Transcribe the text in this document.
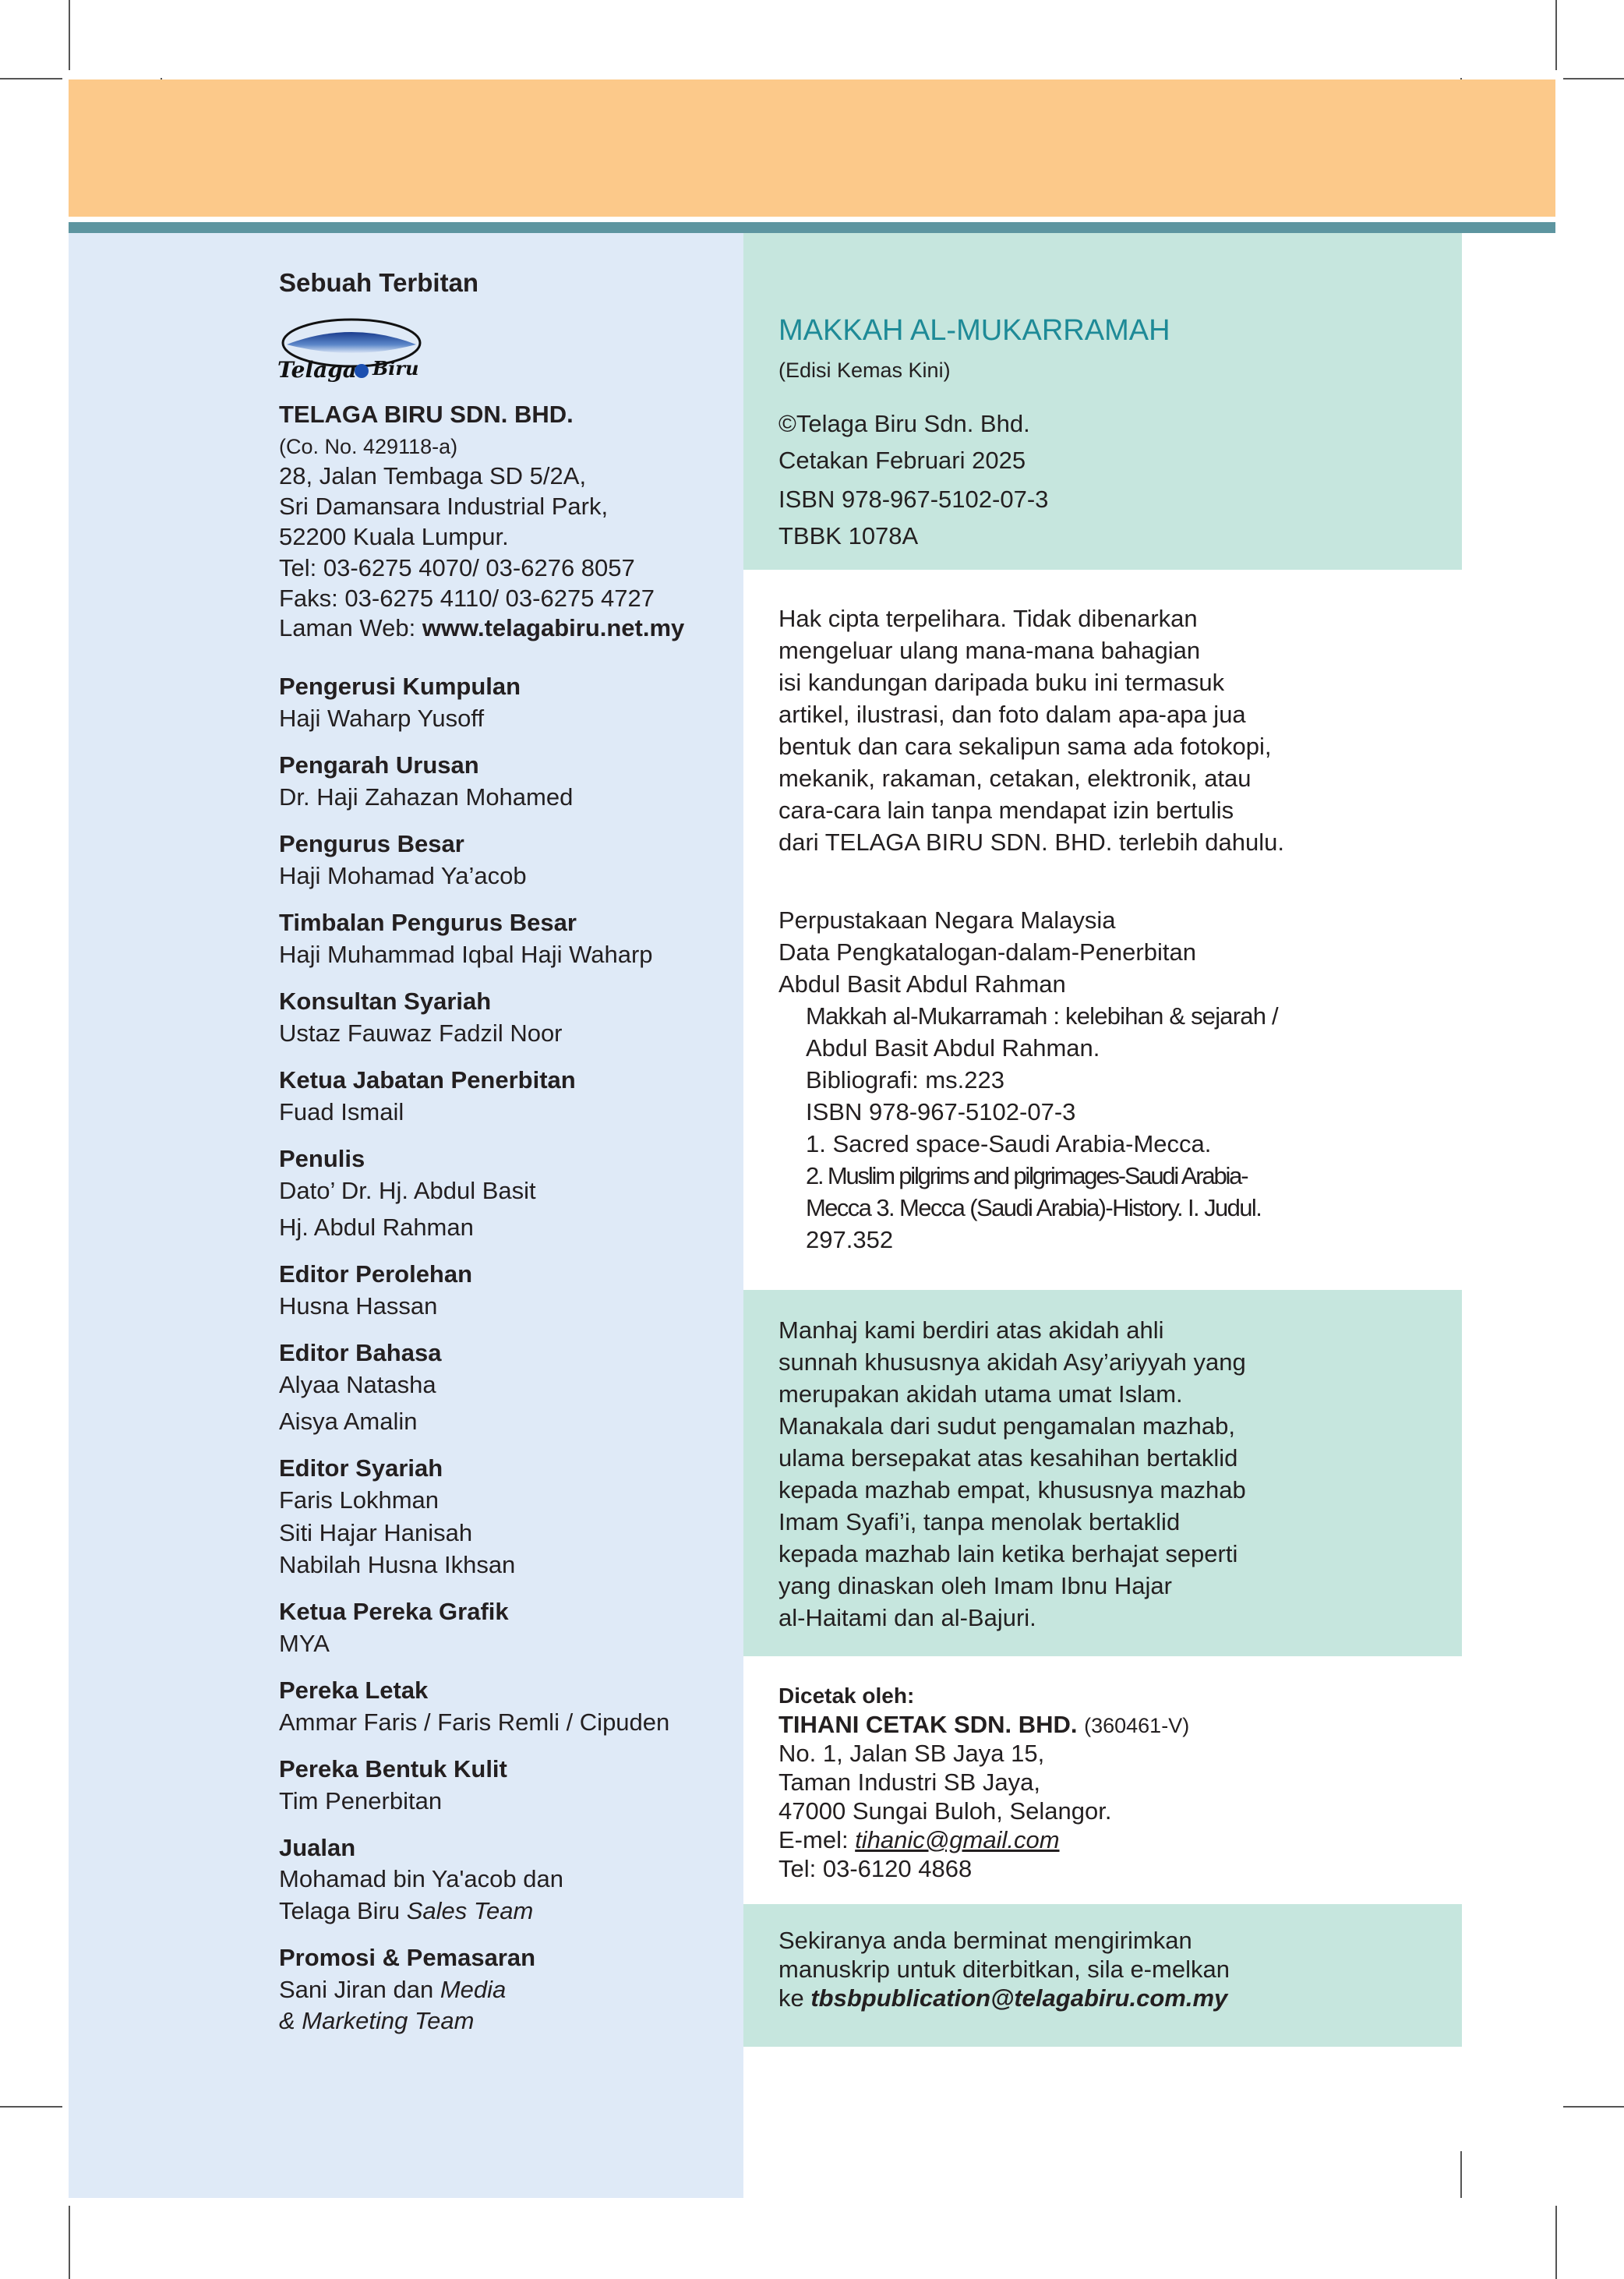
Sebuah Terbitan
Telaga Biru
TELAGA BIRU SDN. BHD.
(Co. No. 429118-a)
28, Jalan Tembaga SD 5/2A,
Sri Damansara Industrial Park,
52200 Kuala Lumpur.
Tel: 03-6275 4070/ 03-6276 8057
Faks: 03-6275 4110/ 03-6275 4727
Laman Web: www.telagabiru.net.my
Pengerusi Kumpulan
Haji Waharp Yusoff
Pengarah Urusan
Dr. Haji Zahazan Mohamed
Pengurus Besar
Haji Mohamad Ya’acob
Timbalan Pengurus Besar
Haji Muhammad Iqbal Haji Waharp
Konsultan Syariah
Ustaz Fauwaz Fadzil Noor
Ketua Jabatan Penerbitan
Fuad Ismail
Penulis
Dato’ Dr. Hj. Abdul Basit
Hj. Abdul Rahman
Editor Perolehan
Husna Hassan
Editor Bahasa
Alyaa Natasha
Aisya Amalin
Editor Syariah
Faris Lokhman
Siti Hajar Hanisah
Nabilah Husna Ikhsan
Ketua Pereka Grafik
MYA
Pereka Letak
Ammar Faris / Faris Remli / Cipuden
Pereka Bentuk Kulit
Tim Penerbitan
Jualan
Mohamad bin Ya'acob dan
Telaga Biru Sales Team
Promosi & Pemasaran
Sani Jiran dan Media
& Marketing Team
MAKKAH AL-MUKARRAMAH
(Edisi Kemas Kini)
©Telaga Biru Sdn. Bhd.
Cetakan Februari 2025
ISBN 978-967-5102-07-3
TBBK 1078A
Hak cipta terpelihara. Tidak dibenarkan
mengeluar ulang mana-mana bahagian
isi kandungan daripada buku ini termasuk
artikel, ilustrasi, dan foto dalam apa-apa jua
bentuk dan cara sekalipun sama ada fotokopi,
mekanik, rakaman, cetakan, elektronik, atau
cara-cara lain tanpa mendapat izin bertulis
dari TELAGA BIRU SDN. BHD. terlebih dahulu.
Perpustakaan Negara Malaysia
Data Pengkatalogan-dalam-Penerbitan
Abdul Basit Abdul Rahman
Makkah al-Mukarramah : kelebihan & sejarah /
Abdul Basit Abdul Rahman.
Bibliografi: ms.223
ISBN 978-967-5102-07-3
1. Sacred space-Saudi Arabia-Mecca.
2. Muslim pilgrims and pilgrimages-Saudi Arabia-
Mecca 3. Mecca (Saudi Arabia)-History. I. Judul.
297.352
Manhaj kami berdiri atas akidah ahli
sunnah khususnya akidah Asy’ariyyah yang
merupakan akidah utama umat Islam.
Manakala dari sudut pengamalan mazhab,
ulama bersepakat atas kesahihan bertaklid
kepada mazhab empat, khususnya mazhab
Imam Syafi’i, tanpa menolak bertaklid
kepada mazhab lain ketika berhajat seperti
yang dinaskan oleh Imam Ibnu Hajar
al-Haitami dan al-Bajuri.
Dicetak oleh:
TIHANI CETAK SDN. BHD. (360461-V)
No. 1, Jalan SB Jaya 15,
Taman Industri SB Jaya,
47000 Sungai Buloh, Selangor.
E-mel: tihanic@gmail.com
Tel: 03-6120 4868
Sekiranya anda berminat mengirimkan
manuskrip untuk diterbitkan, sila e-melkan
ke tbsbpublication@telagabiru.com.my
